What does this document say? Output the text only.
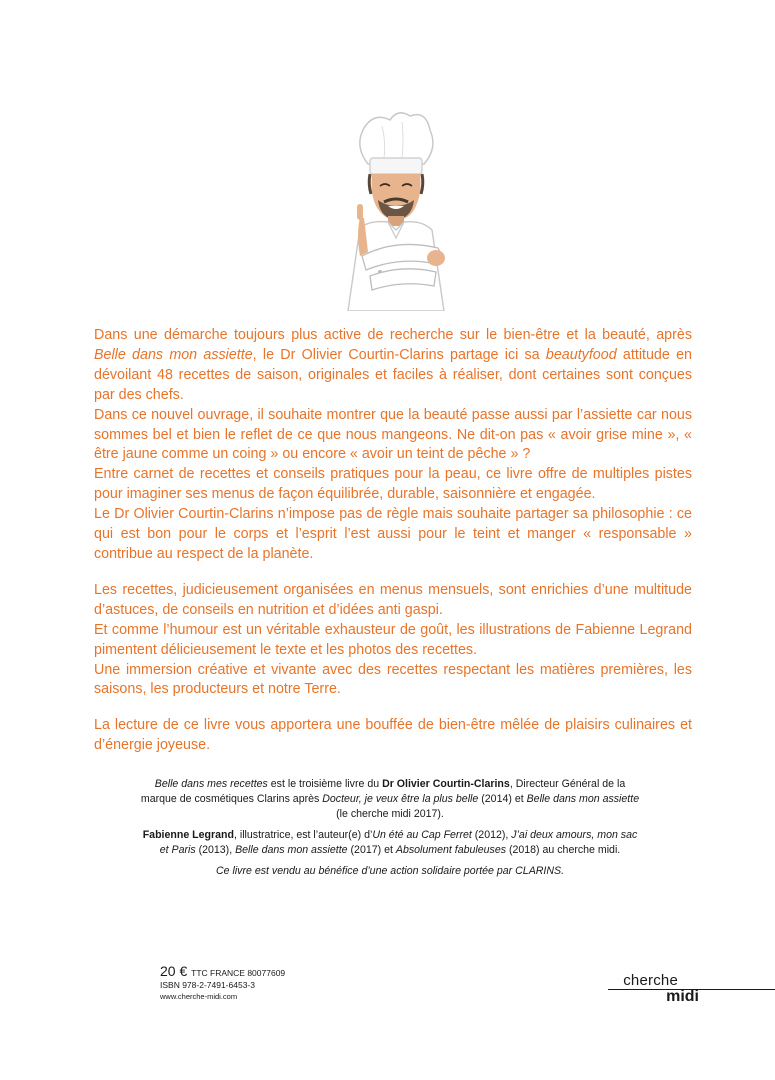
Dans une démarche toujours plus active de recherche sur le bien-être et la beauté, après Belle dans mon assiette, le Dr Olivier Courtin-Clarins partage ici sa beautyfood attitude en dévoilant 48 recettes de saison, originales et faciles à réaliser, dont certaines sont conçues par des chefs.

Dans ce nouvel ouvrage, il souhaite montrer que la beauté passe aussi par l’assiette car nous sommes bel et bien le reflet de ce que nous mangeons. Ne dit-on pas « avoir grise mine », « être jaune comme un coing » ou encore « avoir un teint de pêche » ?

Entre carnet de recettes et conseils pratiques pour la peau, ce livre offre de multiples pistes pour imaginer ses menus de façon équilibrée, durable, saisonnière et engagée.

Le Dr Olivier Courtin-Clarins n’impose pas de règle mais souhaite partager sa philosophie : ce qui est bon pour le corps et l’esprit l’est aussi pour le teint et manger « responsable » contribue au respect de la planète.

Les recettes, judicieusement organisées en menus mensuels, sont enrichies d’une multitude d’astuces, de conseils en nutrition et d’idées anti gaspi.

Et comme l’humour est un véritable exhausteur de goût, les illustrations de Fabienne Legrand pimentent délicieusement le texte et les photos des recettes.

Une immersion créative et vivante avec des recettes respectant les matières premières, les saisons, les producteurs et notre Terre.

La lecture de ce livre vous apportera une bouffée de bien-être mêlée de plaisirs culinaires et d’énergie joyeuse.

Belle dans mes recettes est le troisième livre du Dr Olivier Courtin-Clarins, Directeur Général de la marque de cosmétiques Clarins après Docteur, je veux être la plus belle (2014) et Belle dans mon assiette (le cherche midi 2017).

Fabienne Legrand, illustratrice, est l’auteur(e) d’Un été au Cap Ferret (2012), J’ai deux amours, mon sac et Paris (2013), Belle dans mon assiette (2017) et Absolument fabuleuses (2018) au cherche midi.

Ce livre est vendu au bénéfice d’une action solidaire portée par CLARINS.

20 € TTC FRANCE 80077609
ISBN 978-2-7491-6453-3
www.cherche-midi.com
cherche
midi
